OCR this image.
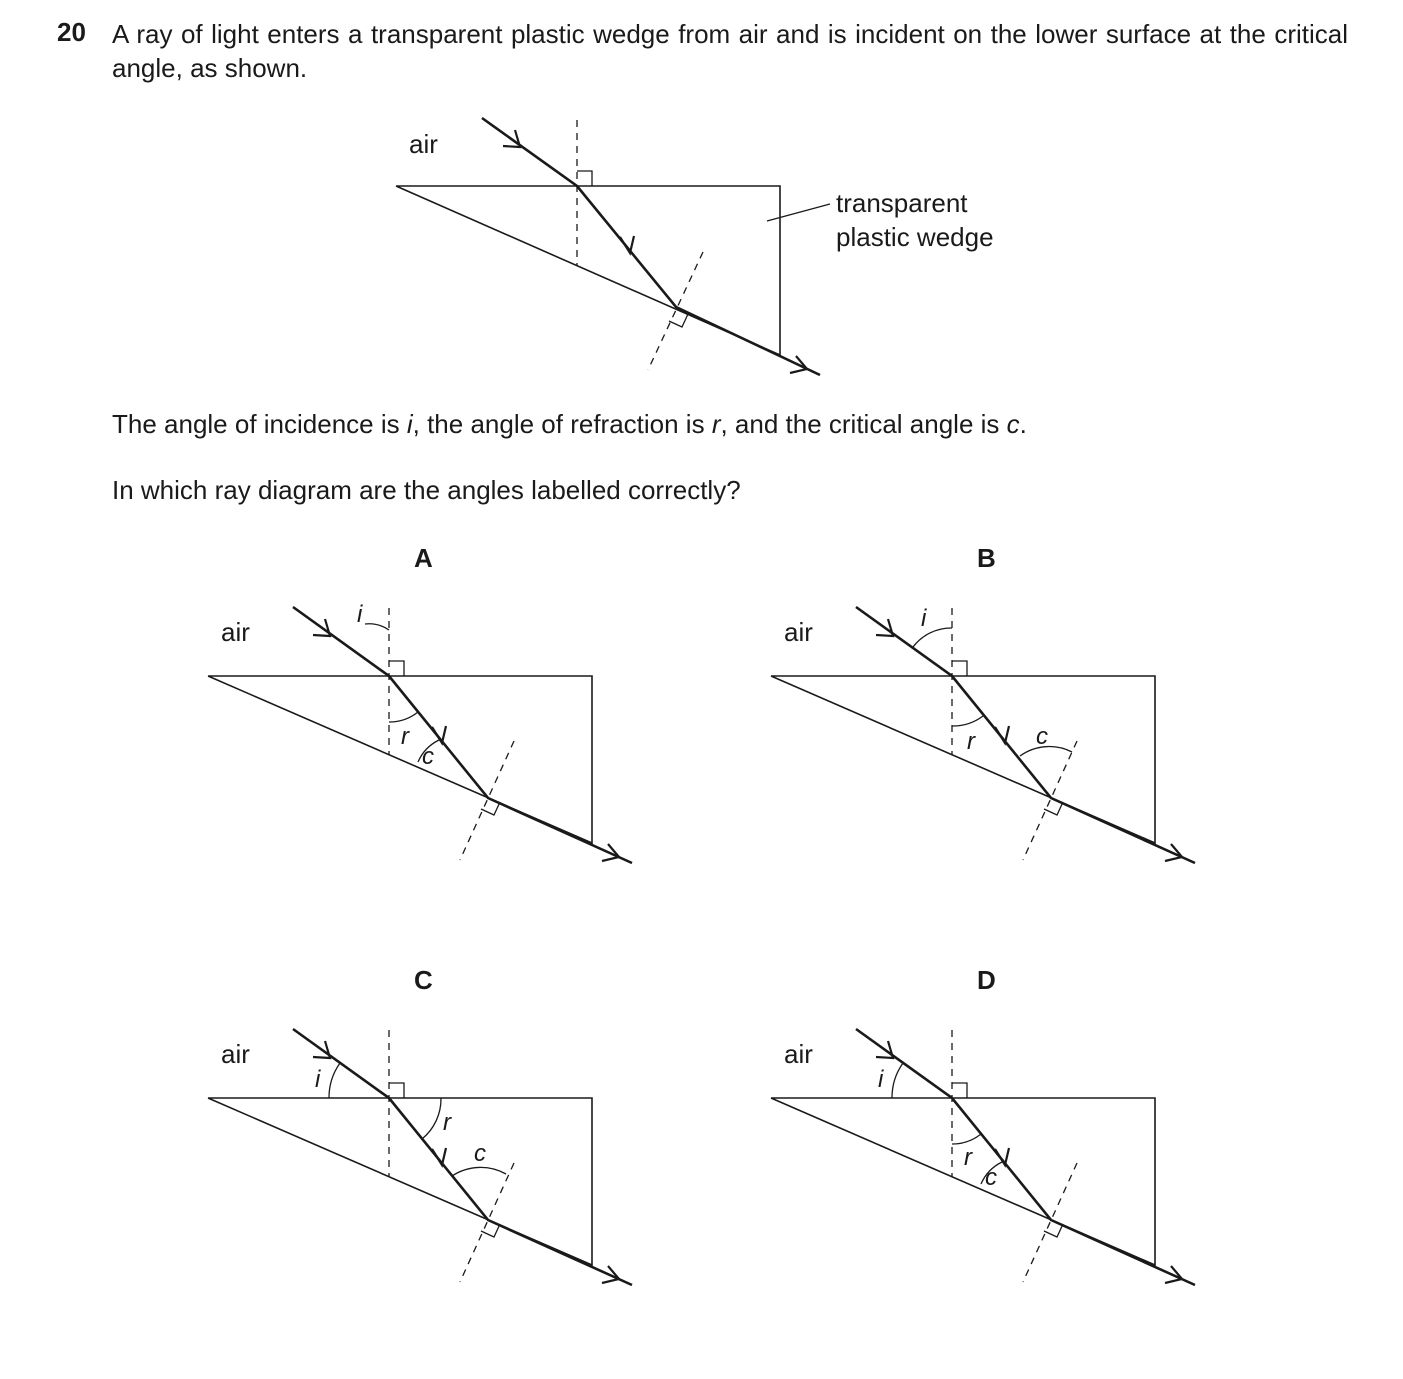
20 A ray of light enters a transparent plastic wedge from air and is incident on the lower surface at the critical angle, as shown.

air
transparent
plastic wedge

The angle of incidence is i, the angle of refraction is r, and the critical angle is c.

In which ray diagram are the angles labelled correctly?

A	B
C	D
air
i
r
c
air	i
r	c
air
i
r
c
air
i
r
c
